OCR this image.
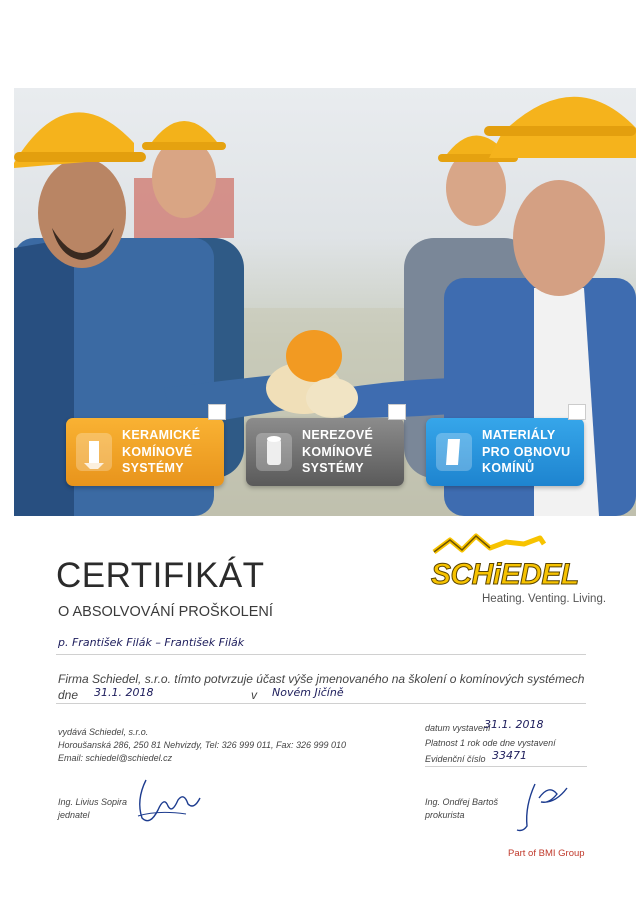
KERAMICKÉ
KOMÍNOVÉ
SYSTÉMY
NEREZOVÉ
KOMÍNOVÉ
SYSTÉMY
MATERIÁLY
PRO OBNOVU
KOMÍNŮ
CERTIFIKÁT
O ABSOLVOVÁNÍ PROŠKOLENÍ
SCHiEDEL
Heating. Venting. Living.
p. František Filák – František Filák
Firma Schiedel, s.r.o. tímto potvrzuje účast výše jmenovaného na školení o komínových systémech
dne 31.1. 2018	v Novém Jičíně
vydává Schiedel, s.r.o.
Horoušanská 286, 250 81 Nehvizdy, Tel: 326 999 011, Fax: 326 999 010
Email: schiedel@schiedel.cz
datum vystavení
31.1. 2018
Platnost 1 rok ode dne vystavení
Evidenční číslo 33471
Ing. Livius Sopira
jednatel
Ing. Ondřej Bartoš
prokurista
Part of BMI Group
